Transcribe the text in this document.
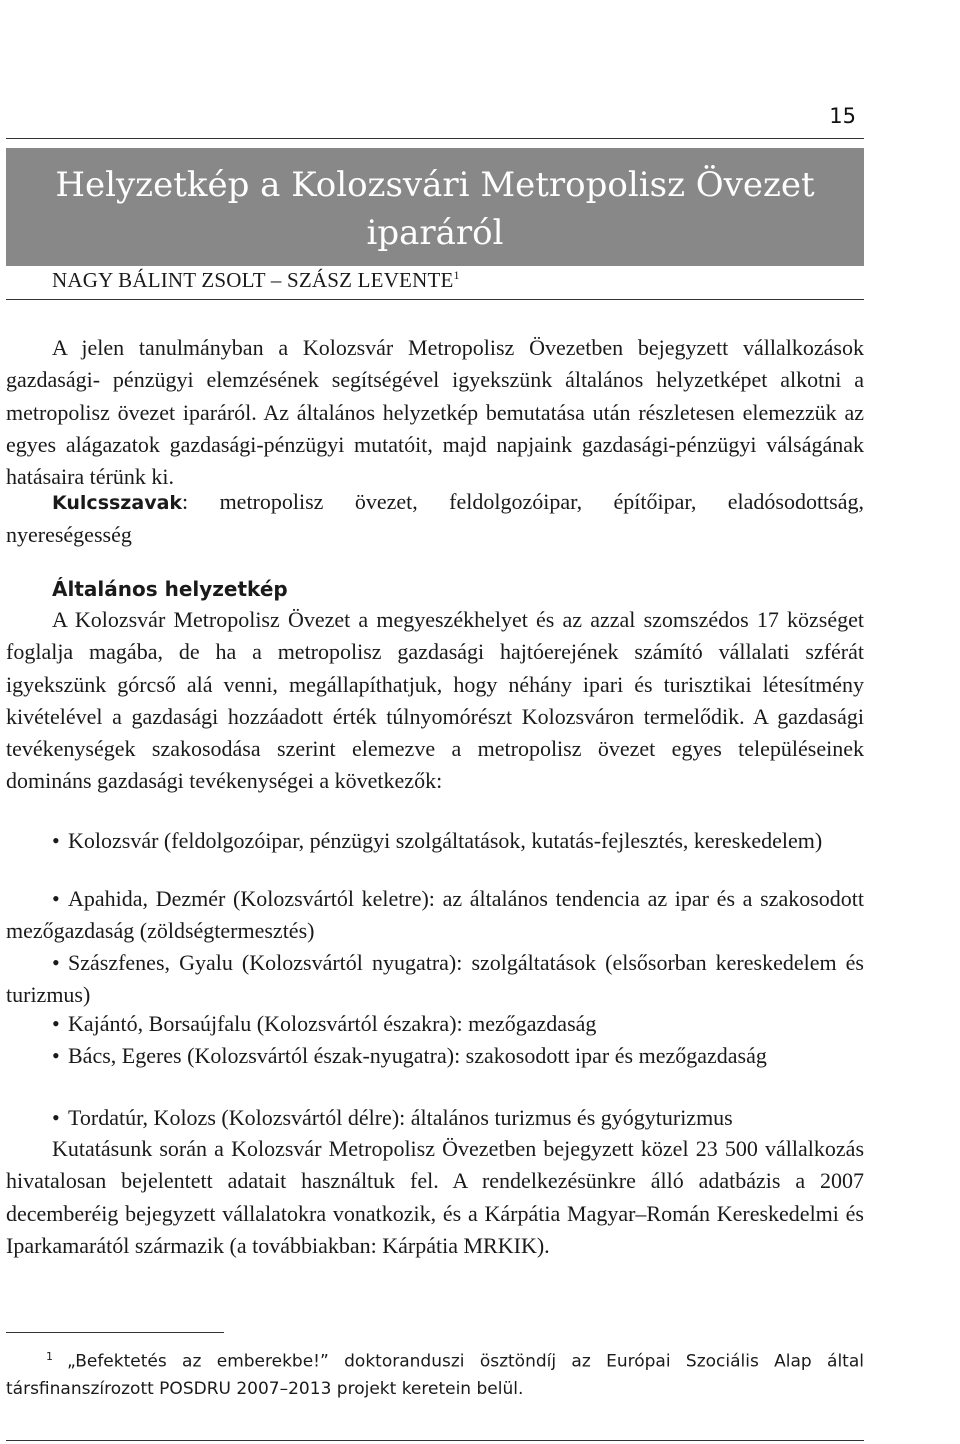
15
Helyzetkép a Kolozsvári Metropolisz Övezet
iparáról
NAGY BÁLINT ZSOLT – SZÁSZ LEVENTE$^1$

A jelen tanulmányban a Kolozsvár Metropolisz Övezetben bejegyzett vállalkozások gazdasági- pénzügyi elemzésének segítségével igyekszünk általános helyzetképet alkotni a metropolisz övezet iparáról. Az általános helyzetkép bemutatása után részletesen elemezzük az egyes alágazatok gazdasági-pénzügyi mutatóit, majd napjaink gazdasági-pénzügyi válságának hatásaira térünk ki.

Kulcsszavak: metropolisz övezet, feldolgozóipar, építőipar, eladósodottság, nyereségesség

Általános helyzetkép

A Kolozsvár Metropolisz Övezet a megyeszékhelyet és az azzal szomszédos 17 községet foglalja magába, de ha a metropolisz gazdasági hajtóerejének számító vállalati szférát igyekszünk górcső alá venni, megállapíthatjuk, hogy néhány ipari és turisztikai létesítmény kivételével a gazdasági hozzáadott érték túlnyomórészt Kolozsváron termelődik. A gazdasági tevékenységek szakosodása szerint elemezve a metropolisz övezet egyes településeinek domináns gazdasági tevékenységei a következők:

• Kolozsvár (feldolgozóipar, pénzügyi szolgáltatások, kutatás-fejlesztés, kereskedelem)

• Apahida, Dezmér (Kolozsvártól keletre): az általános tendencia az ipar és a szakosodott mezőgazdaság (zöldségtermesztés)

• Szászfenes, Gyalu (Kolozsvártól nyugatra): szolgáltatások (elsősorban kereskedelem és turizmus)

• Kajántó, Borsaújfalu (Kolozsvártól északra): mezőgazdaság

• Bács, Egeres (Kolozsvártól észak-nyugatra): szakosodott ipar és mezőgazdaság

• Tordatúr, Kolozs (Kolozsvártól délre): általános turizmus és gyógyturizmus

Kutatásunk során a Kolozsvár Metropolisz Övezetben bejegyzett közel 23 500 vállalkozás hivatalosan bejelentett adatait használtuk fel. A rendelkezésünkre álló adatbázis a 2007 decemberéig bejegyzett vállalatokra vonatkozik, és a Kárpátia Magyar–Román Kereskedelmi és Iparkamarától származik (a továbbiakban: Kárpátia MRKIK).

$^1$ „Befektetés az emberekbe!” doktoranduszi ösztöndíj az Európai Szociális Alap által társfinanszírozott POSDRU 2007–2013 projekt keretein belül.
